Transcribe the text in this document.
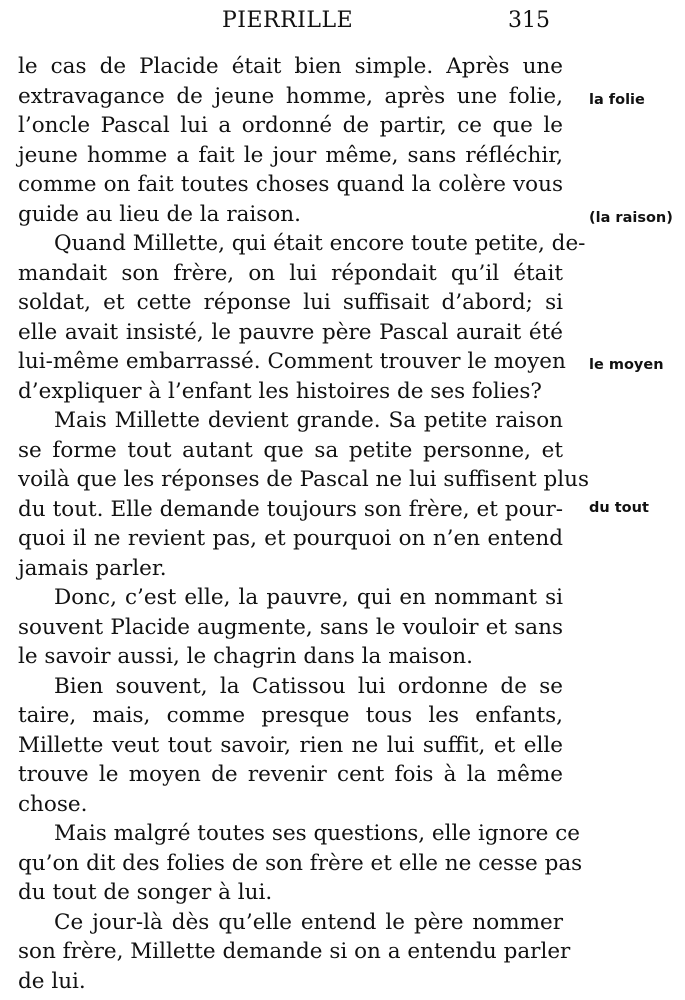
PIERRILLE	315
le cas de Placide était bien simple. Après une
extravagance de jeune homme, après une folie,
l’oncle Pascal lui a ordonné de partir, ce que le
jeune homme a fait le jour même, sans réfléchir,
comme on fait toutes choses quand la colère vous
guide au lieu de la raison.
Quand Millette, qui était encore toute petite, de-
mandait son frère, on lui répondait qu’il était
soldat, et cette réponse lui suffisait d’abord; si
elle avait insisté, le pauvre père Pascal aurait été
lui-même embarrassé. Comment trouver le moyen
d’expliquer à l’enfant les histoires de ses folies?
Mais Millette devient grande. Sa petite raison
se forme tout autant que sa petite personne, et
voilà que les réponses de Pascal ne lui suffisent plus
du tout. Elle demande toujours son frère, et pour-
quoi il ne revient pas, et pourquoi on n’en entend
jamais parler.
Donc, c’est elle, la pauvre, qui en nommant si
souvent Placide augmente, sans le vouloir et sans
le savoir aussi, le chagrin dans la maison.
Bien souvent, la Catissou lui ordonne de se
taire, mais, comme presque tous les enfants,
Millette veut tout savoir, rien ne lui suffit, et elle
trouve le moyen de revenir cent fois à la même
chose.
Mais malgré toutes ses questions, elle ignore ce
qu’on dit des folies de son frère et elle ne cesse pas
du tout de songer à lui.
Ce jour-là dès qu’elle entend le père nommer
son frère, Millette demande si on a entendu parler
de lui.
la folie
(la raison)
le moyen
du tout
